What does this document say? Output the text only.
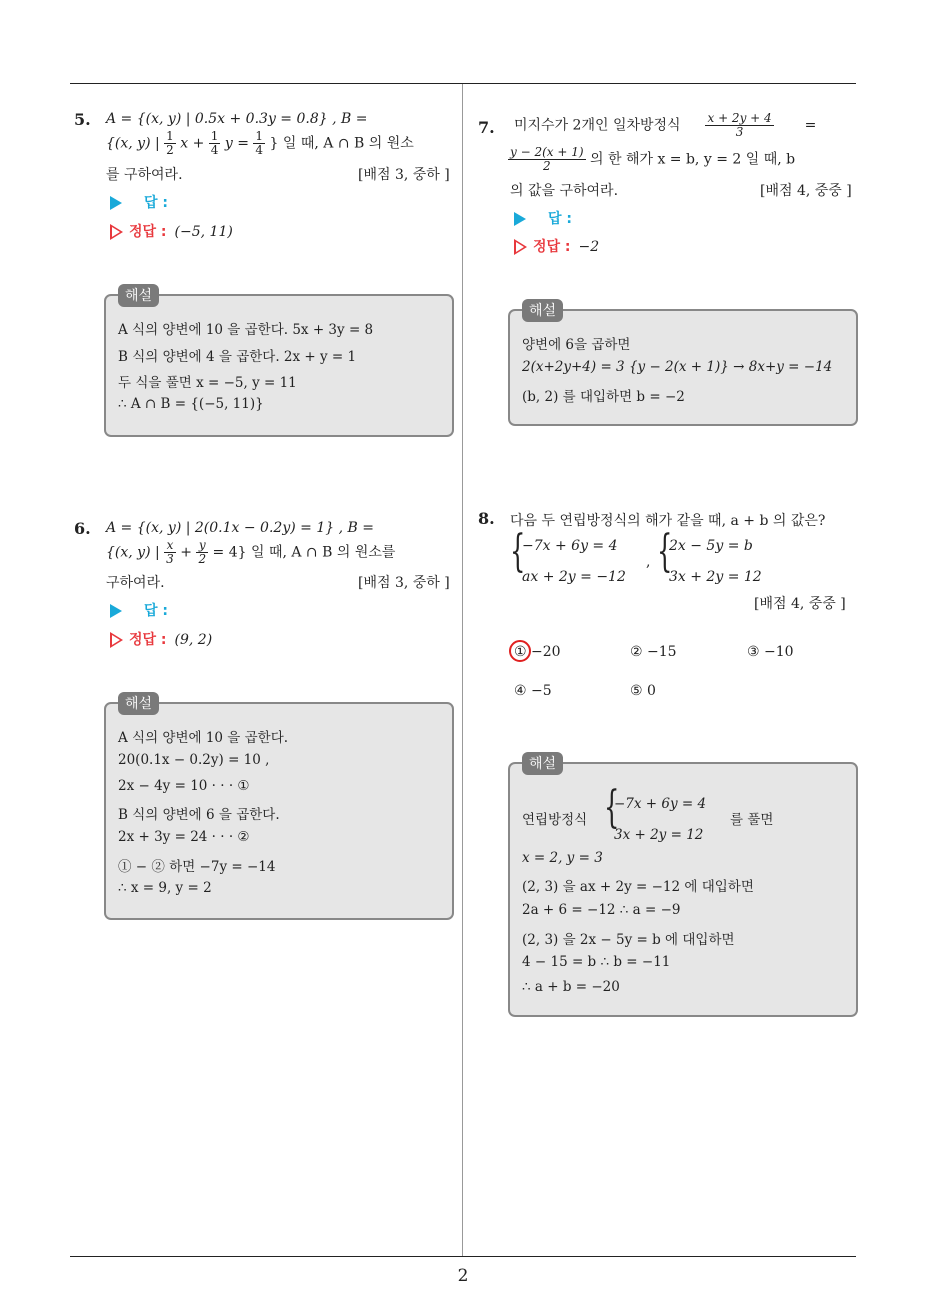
2
5. A = {(x, y) | 0.5x + 0.3y = 0.8} , B =
{(x, y) | $\frac{1}{2}$ $x + \frac{1}{4}$ $y = \frac{1}{4}$ } 일 때, A ∩ B 의 원소
를 구하여라.	[배점 3, 중하 ]
답 :
정답 : (−5, 11)
해설
A 식의 양변에 10 을 곱한다. 5x + 3y = 8
B 식의 양변에 4 을 곱한다. 2x + y = 1
두 식을 풀면 x = −5, y = 11
∴ A ∩ B = {(−5, 11)}
6. A = {(x, y) | 2(0.1x − 0.2y) = 1} , B =
{(x, y) | $\frac{x}{3} + \frac{y}{2} = 4$} 일 때, A ∩ B 의 원소를
구하여라.	[배점 3, 중하 ]
답 :
정답 : (9, 2)
해설
A 식의 양변에 10 을 곱한다.
20(0.1x − 0.2y) = 10 ,
2x − 4y = 10 · · · ①
B 식의 양변에 6 을 곱한다.
2x + 3y = 24 · · · ②
① − ② 하면 −7y = −14
∴ x = 9, y = 2
7. 미지수가 2개인 일차방정식 $\frac{x + 2y + 4}{3}$ =
$\frac{y - 2(x + 1)}{2}$ 의 한 해가 x = b, y = 2 일 때, b
의 값을 구하여라.	[배점 4, 중중 ]
답 :
정답 : −2
해설
양변에 6을 곱하면
2(x+2y+4) = 3 {y − 2(x + 1)} → 8x+y = −14
(b, 2) 를 대입하면 b = −2
8. 다음 두 연립방정식의 해가 같을 때, a + b 의 값은?
{
−7x + 6y = 4
ax + 2y = −12
, {
2x − 5y = b
3x + 2y = 12
[배점 4, 중중 ]
① −20	② −15	③ −10
④ −5	⑤ 0
해설
연립방정식 {
−7x + 6y = 4
3x + 2y = 12
를 풀면
x = 2, y = 3
(2, 3) 을 ax + 2y = −12 에 대입하면
2a + 6 = −12 ∴ a = −9
(2, 3) 을 2x − 5y = b 에 대입하면
4 − 15 = b ∴ b = −11
∴ a + b = −20
